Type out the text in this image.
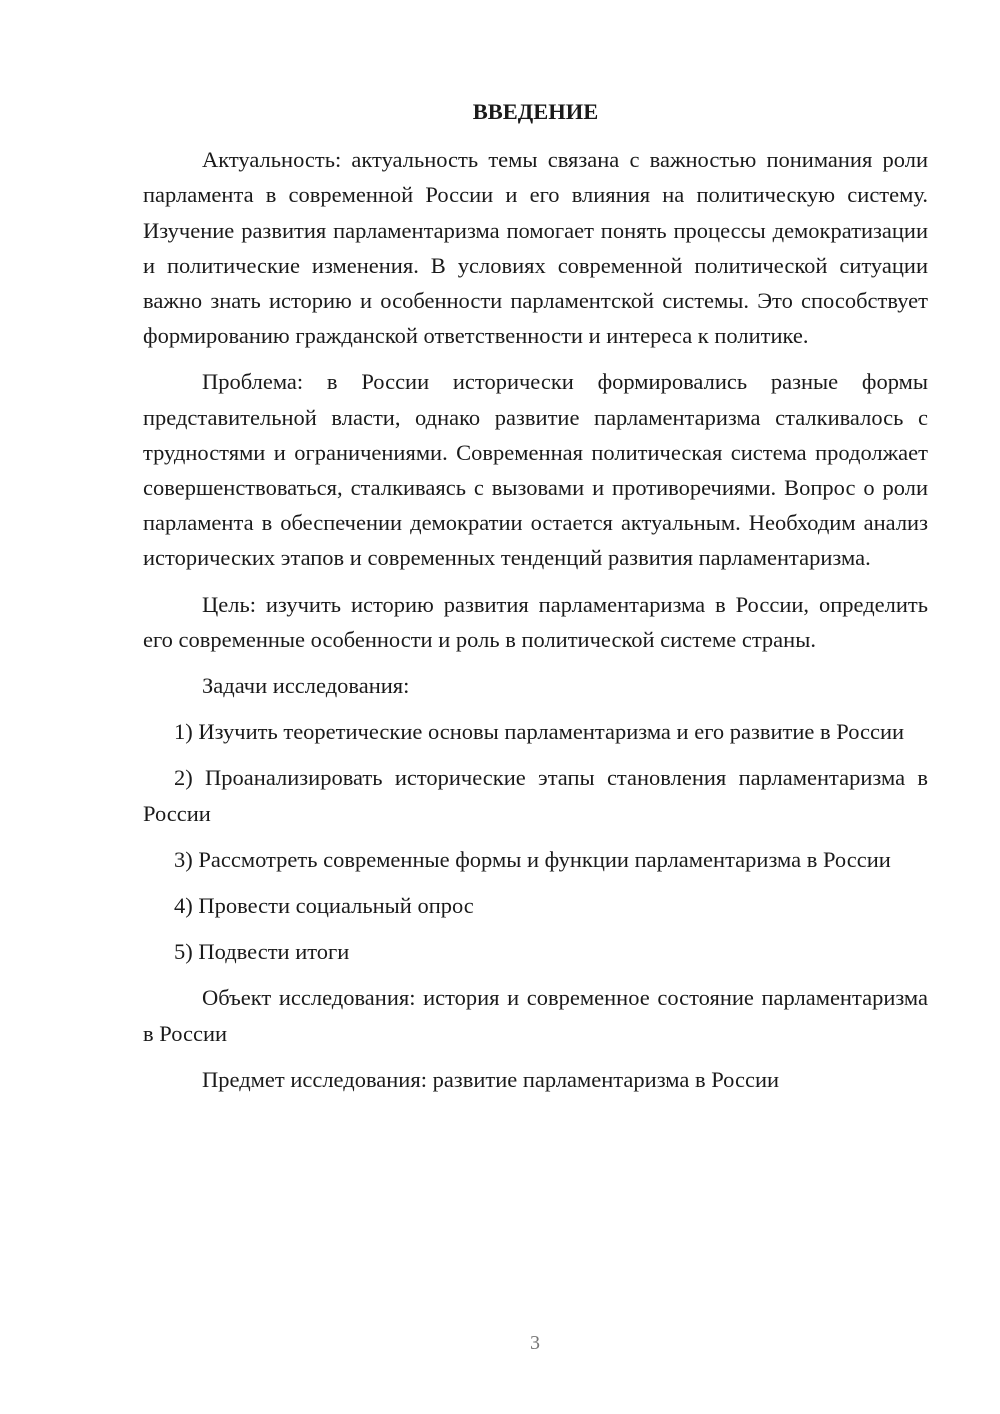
ВВЕДЕНИЕ

Актуальность: актуальность темы связана с важностью понимания роли парламента в современной России и его влияния на политическую систему. Изучение развития парламентаризма помогает понять процессы демократизации и политические изменения. В условиях современной политической ситуации важно знать историю и особенности парламентской системы. Это способствует формированию гражданской ответственности и интереса к политике.

Проблема: в России исторически формировались разные формы представительной власти, однако развитие парламентаризма сталкивалось с трудностями и ограничениями. Современная политическая система продолжает совершенствоваться, сталкиваясь с вызовами и противоречиями. Вопрос о роли парламента в обеспечении демократии остается актуальным. Необходим анализ исторических этапов и современных тенденций развития парламентаризма.

Цель: изучить историю развития парламентаризма в России, определить его современные особенности и роль в политической системе страны.

Задачи исследования:

1) Изучить теоретические основы парламентаризма и его развитие в России

2) Проанализировать исторические этапы становления парламентаризма в России

3) Рассмотреть современные формы и функции парламентаризма в России

4) Провести социальный опрос

5) Подвести итоги

Объект исследования: история и современное состояние парламентаризма в России

Предмет исследования: развитие парламентаризма в России

3
